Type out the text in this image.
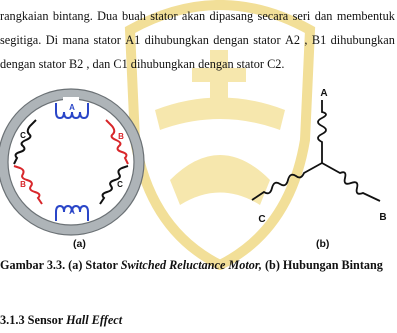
rangkaian bintang. Dua buah stator akan dipasang secara seri dan membentuk
segitiga. Di mana stator A1 dihubungkan dengan stator A2 , B1 dihubungkan
dengan stator B2 , dan C1 dihubungkan dengan stator C2.
A
A
B
C
C
B
A
B
C
(a)	(b)
Gambar 3.3. (a) Stator Switched Reluctance Motor, (b) Hubungan Bintang
3.1.3 Sensor Hall Effect
